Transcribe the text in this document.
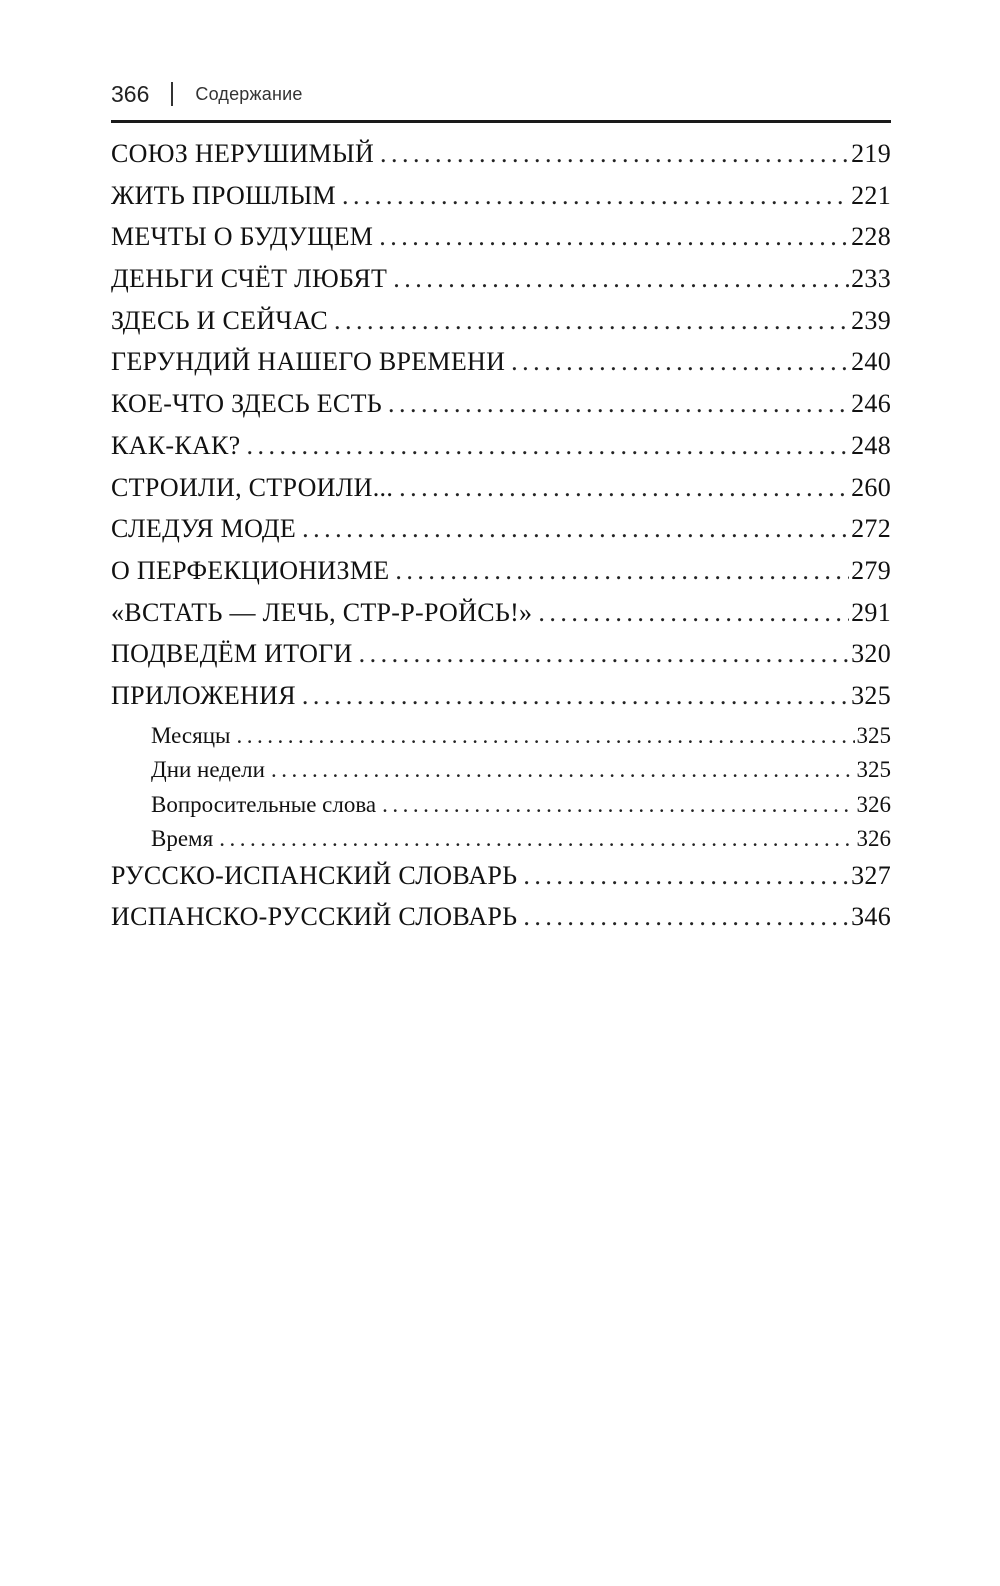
366	Содержание
СОЮЗ НЕРУШИМЫЙ .....	219
ЖИТЬ ПРОШЛЫМ .....	221
МЕЧТЫ О БУДУЩЕМ .....	228
ДЕНЬГИ СЧЁТ ЛЮБЯТ .....	233
ЗДЕСЬ И СЕЙЧАС .....	239
ГЕРУНДИЙ НАШЕГО ВРЕМЕНИ .....	240
КОЕ-ЧТО ЗДЕСЬ ЕСТЬ .....	246
КАК-КАК? .....	248
СТРОИЛИ, СТРОИЛИ... .....	260
СЛЕДУЯ МОДЕ .....	272
О ПЕРФЕКЦИОНИЗМЕ .....	279
«ВСТАТЬ — ЛЕЧЬ, СТР-Р-РОЙСЬ!» .....	291
ПОДВЕДЁМ ИТОГИ .....	320
ПРИЛОЖЕНИЯ .....	325
Месяцы .....	325
Дни недели .....	325
Вопросительные слова .....	326
Время .....	326
РУССКО-ИСПАНСКИЙ СЛОВАРЬ .....	327
ИСПАНСКО-РУССКИЙ СЛОВАРЬ .....	346
